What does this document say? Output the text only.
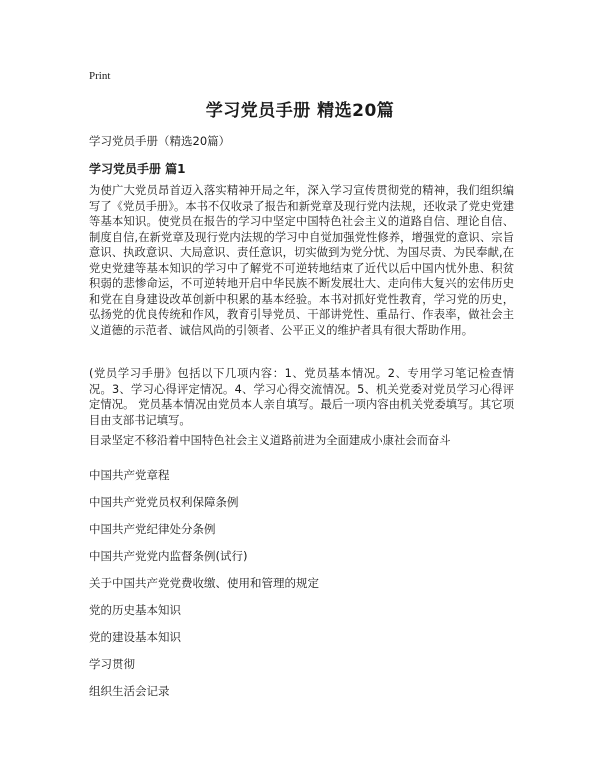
Print
学习党员手册 精选20篇

学习党员手册（精选20篇）

学习党员手册 篇1

为使广大党员昂首迈入落实精神开局之年，深入学习宣传贯彻党的精神，我们组织编写了《党员手册》。本书不仅收录了报告和新党章及现行党内法规，还收录了党史党建等基本知识。使党员在报告的学习中坚定中国特色社会主义的道路自信、理论自信、制度自信,在新党章及现行党内法规的学习中自觉加强党性修养，增强党的意识、宗旨意识、执政意识、大局意识、责任意识，切实做到为党分忧、为国尽责、为民奉献,在党史党建等基本知识的学习中了解党不可逆转地结束了近代以后中国内忧外患、积贫积弱的悲惨命运，不可逆转地开启中华民族不断发展壮大、走向伟大复兴的宏伟历史和党在自身建设改革创新中积累的基本经验。本书对抓好党性教育，学习党的历史，弘扬党的优良传统和作风，教育引导党员、干部讲党性、重品行、作表率，做社会主义道德的示范者、诚信风尚的引领者、公平正义的维护者具有很大帮助作用。

(党员学习手册》包括以下几项内容：1、党员基本情况。2、专用学习笔记检查情况。3、学习心得评定情况。4、学习心得交流情况。5、机关党委对党员学习心得评定情况。 党员基本情况由党员本人亲自填写。最后一项内容由机关党委填写。其它项目由支部书记填写。

目录坚定不移沿着中国特色社会主义道路前进为全面建成小康社会而奋斗

中国共产党章程

中国共产党党员权利保障条例

中国共产党纪律处分条例

中国共产党党内监督条例(试行)

关于中国共产党党费收缴、使用和管理的规定

党的历史基本知识

党的建设基本知识

学习贯彻

组织生活会记录
